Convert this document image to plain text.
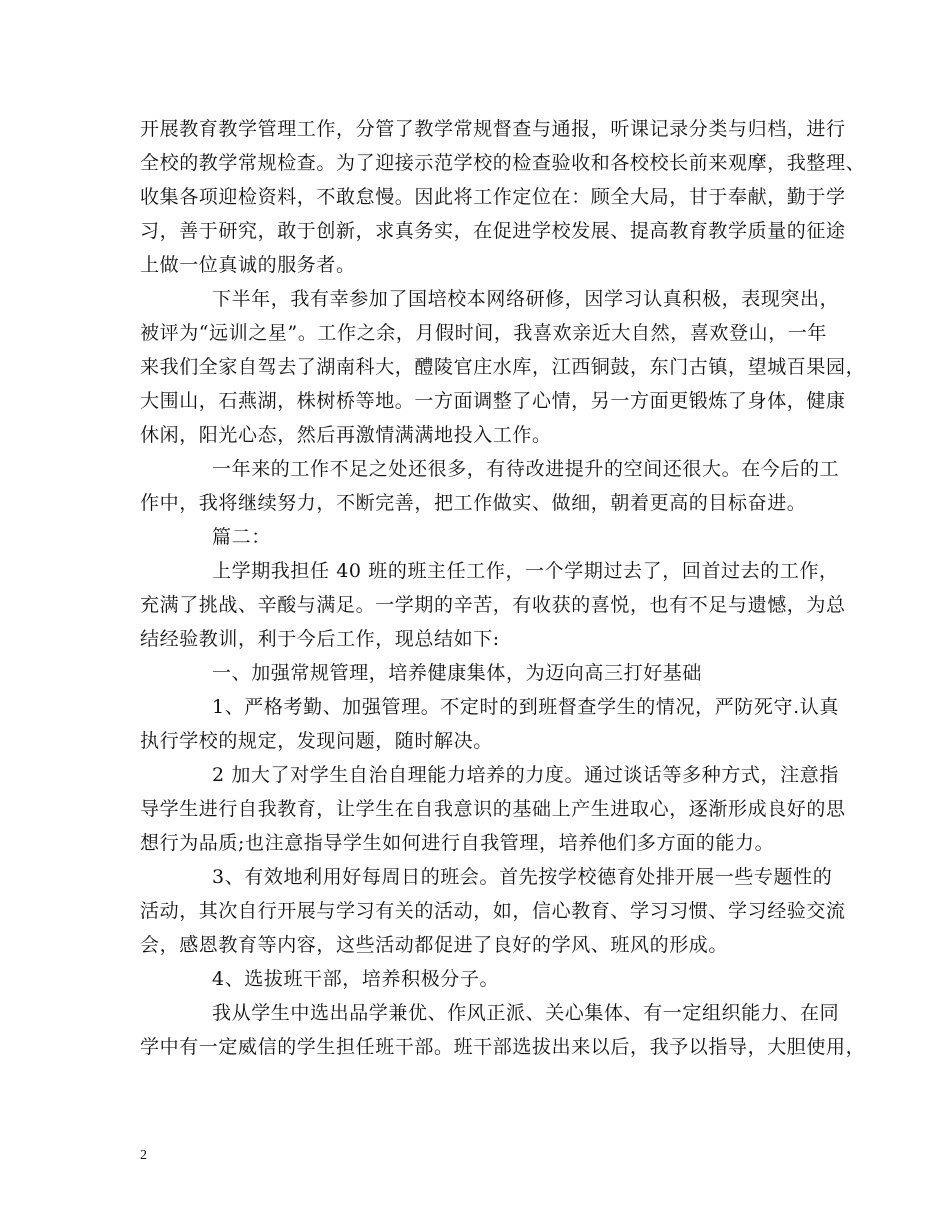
开展教育教学管理工作，分管了教学常规督查与通报，听课记录分类与归档，进行
全校的教学常规检查。为了迎接示范学校的检查验收和各校校长前来观摩，我整理、
收集各项迎检资料，不敢怠慢。因此将工作定位在：顾全大局，甘于奉献，勤于学
习，善于研究，敢于创新，求真务实，在促进学校发展、提高教育教学质量的征途
上做一位真诚的服务者。
下半年，我有幸参加了国培校本网络研修，因学习认真积极，表现突出，
被评为“远训之星”。工作之余，月假时间，我喜欢亲近大自然，喜欢登山，一年
来我们全家自驾去了湖南科大，醴陵官庄水库，江西铜鼓，东门古镇，望城百果园，
大围山，石燕湖，株树桥等地。一方面调整了心情，另一方面更锻炼了身体，健康
休闲，阳光心态，然后再激情满满地投入工作。
一年来的工作不足之处还很多，有待改进提升的空间还很大。在今后的工
作中，我将继续努力，不断完善，把工作做实、做细，朝着更高的目标奋进。
篇二：
上学期我担任 40 班的班主任工作，一个学期过去了，回首过去的工作，
充满了挑战、辛酸与满足。一学期的辛苦，有收获的喜悦，也有不足与遗憾，为总
结经验教训，利于今后工作，现总结如下:
一、加强常规管理，培养健康集体，为迈向高三打好基础
1、严格考勤、加强管理。不定时的到班督查学生的情况，严防死守.认真
执行学校的规定，发现问题，随时解决。
2 加大了对学生自治自理能力培养的力度。通过谈话等多种方式，注意指
导学生进行自我教育，让学生在自我意识的基础上产生进取心，逐渐形成良好的思
想行为品质;也注意指导学生如何进行自我管理，培养他们多方面的能力。
3、有效地利用好每周日的班会。首先按学校德育处排开展一些专题性的
活动，其次自行开展与学习有关的活动，如，信心教育、学习习惯、学习经验交流
会，感恩教育等内容，这些活动都促进了良好的学风、班风的形成。
4、选拔班干部，培养积极分子。
我从学生中选出品学兼优、作风正派、关心集体、有一定组织能力、在同
学中有一定威信的学生担任班干部。班干部选拔出来以后，我予以指导，大胆使用，
2
